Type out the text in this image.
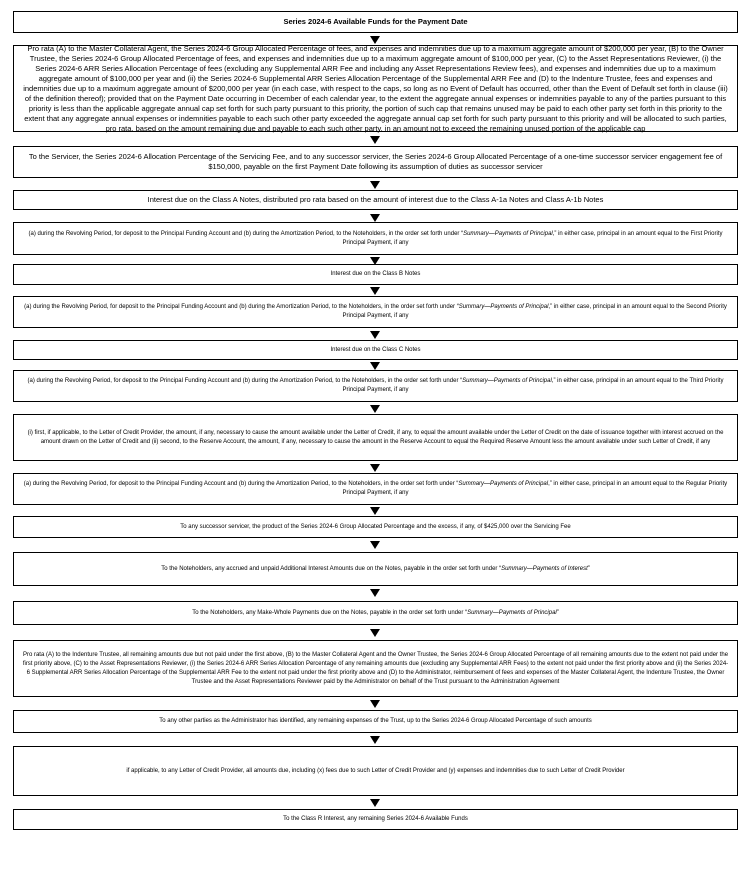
Series 2024-6 Available Funds for the Payment Date
Pro rata (A) to the Master Collateral Agent, the Series 2024-6 Group Allocated Percentage of fees, and expenses and indemnities due up to a maximum aggregate amount of $200,000 per year, (B) to the Owner Trustee, the Series 2024-6 Group Allocated Percentage of fees, and expenses and indemnities due up to a maximum aggregate amount of $100,000 per year, (C) to the Asset Representations Reviewer, (i) the Series 2024-6 ARR Series Allocation Percentage of fees (excluding any Supplemental ARR Fee and including any Asset Representations Review fees), and expenses and indemnities due up to a maximum aggregate amount of $100,000 per year and (ii) the Series 2024-6 Supplemental ARR Series Allocation Percentage of the Supplemental ARR Fee and (D) to the Indenture Trustee, fees and expenses and indemnities due up to a maximum aggregate amount of $200,000 per year (in each case, with respect to the caps, so long as no Event of Default has occurred, other than the Event of Default set forth in clause (iii) of the definition thereof); provided that on the Payment Date occurring in December of each calendar year, to the extent the aggregate annual expenses or indemnities payable to any of the parties pursuant to this priority is less than the applicable aggregate annual cap set forth for such party pursuant to this priority, the portion of such cap that remains unused may be paid to each other party set forth in this priority to the extent that any aggregate annual expenses or indemnities payable to each such other party exceeded the aggregate annual cap set forth for such party pursuant to this priority and will be allocated to such parties, pro rata, based on the amount remaining due and payable to each such other party, in an amount not to exceed the remaining unused portion of the applicable cap
To the Servicer, the Series 2024-6 Allocation Percentage of the Servicing Fee, and to any successor servicer, the Series 2024-6 Group Allocated Percentage of a one-time successor servicer engagement fee of $150,000, payable on the first Payment Date following its assumption of duties as successor servicer
Interest due on the Class A Notes, distributed pro rata based on the amount of interest due to the Class A-1a Notes and Class A-1b Notes
(a) during the Revolving Period, for deposit to the Principal Funding Account and (b) during the Amortization Period, to the Noteholders, in the order set forth under “Summary—Payments of Principal,” in either case, principal in an amount equal to the First Priority Principal Payment, if any
Interest due on the Class B Notes
(a) during the Revolving Period, for deposit to the Principal Funding Account and (b) during the Amortization Period, to the Noteholders, in the order set forth under “Summary—Payments of Principal,” in either case, principal in an amount equal to the Second Priority Principal Payment, if any
Interest due on the Class C Notes
(a) during the Revolving Period, for deposit to the Principal Funding Account and (b) during the Amortization Period, to the Noteholders, in the order set forth under “Summary—Payments of Principal,” in either case, principal in an amount equal to the Third Priority Principal Payment, if any
(i) first, if applicable, to the Letter of Credit Provider, the amount, if any, necessary to cause the amount available under the Letter of Credit, if any, to equal the amount available under the Letter of Credit on the date of issuance together with interest accrued on the amount drawn on the Letter of Credit and (ii) second, to the Reserve Account, the amount, if any, necessary to cause the amount in the Reserve Account to equal the Required Reserve Amount less the amount available under such Letter of Credit, if any
(a) during the Revolving Period, for deposit to the Principal Funding Account and (b) during the Amortization Period, to the Noteholders, in the order set forth under “Summary—Payments of Principal,” in either case, principal in an amount equal to the Regular Priority Principal Payment, if any
To any successor servicer, the product of the Series 2024-6 Group Allocated Percentage and the excess, if any, of $425,000 over the Servicing Fee
To the Noteholders, any accrued and unpaid Additional Interest Amounts due on the Notes, payable in the order set forth under “Summary—Payments of Interest”
To the Noteholders, any Make-Whole Payments due on the Notes, payable in the order set forth under “Summary—Payments of Principal”
Pro rata (A) to the Indenture Trustee, all remaining amounts due but not paid under the first above, (B) to the Master Collateral Agent and the Owner Trustee, the Series 2024-6 Group Allocated Percentage of all remaining amounts due to the extent not paid under the first priority above, (C) to the Asset Representations Reviewer, (i) the Series 2024-6 ARR Series Allocation Percentage of any remaining amounts due (excluding any Supplemental ARR Fees) to the extent not paid under the first priority above and (ii) the Series 2024-6 Supplemental ARR Series Allocation Percentage of the Supplemental ARR Fee to the extent not paid under the first priority above and (D) to the Administrator, reimbursement of fees and expenses of the Master Collateral Agent, the Indenture Trustee, the Owner Trustee and the Asset Representations Reviewer paid by the Administrator on behalf of the Trust pursuant to the Administration Agreement
To any other parties as the Administrator has identified, any remaining expenses of the Trust, up to the Series 2024-6 Group Allocated Percentage of such amounts
if applicable, to any Letter of Credit Provider, all amounts due, including (x) fees due to such Letter of Credit Provider and (y) expenses and indemnities due to such Letter of Credit Provider
To the Class R Interest, any remaining Series 2024-6 Available Funds
